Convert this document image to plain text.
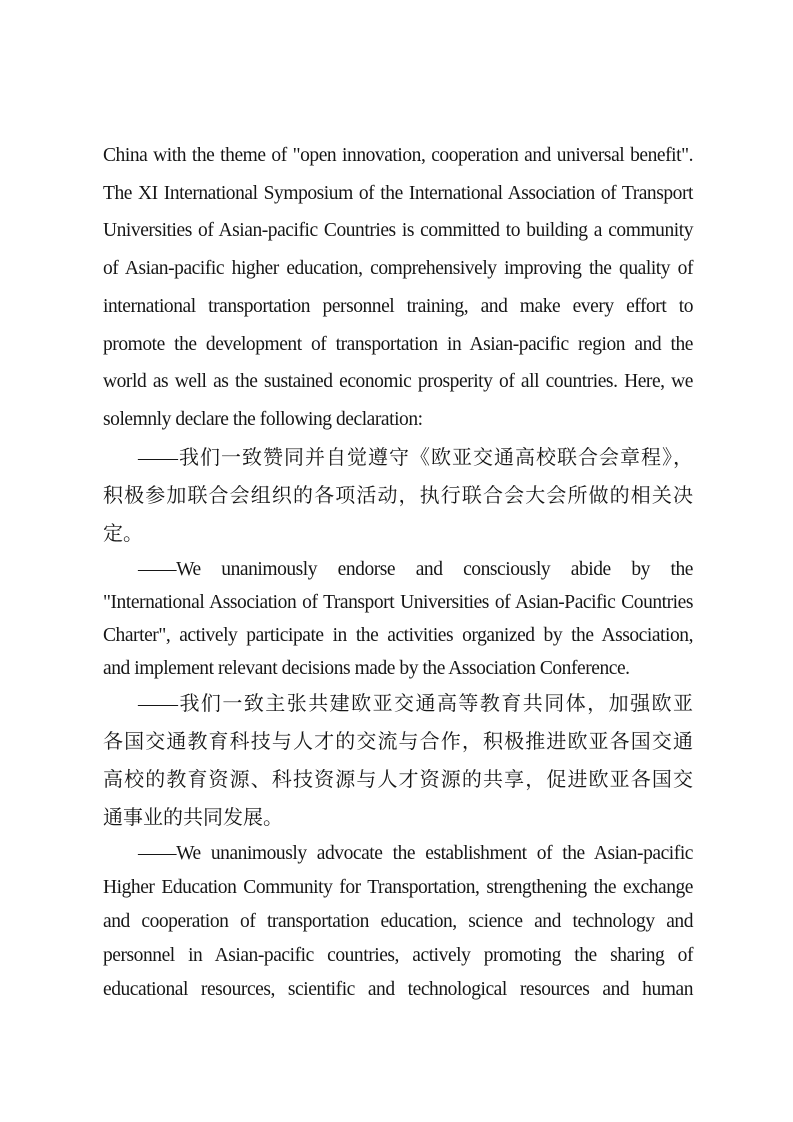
China with the theme of "open innovation, cooperation and universal benefit".
The XI International Symposium of the International Association of Transport
Universities of Asian-pacific Countries is committed to building a community
of Asian-pacific higher education, comprehensively improving the quality of
international transportation personnel training, and make every effort to
promote the development of transportation in Asian-pacific region and the
world as well as the sustained economic prosperity of all countries. Here, we
solemnly declare the following declaration:
——我们一致赞同并自觉遵守《欧亚交通高校联合会章程》，
积极参加联合会组织的各项活动，执行联合会大会所做的相关决
定。
——We unanimously endorse and consciously abide by the
"International Association of Transport Universities of Asian-Pacific Countries
Charter", actively participate in the activities organized by the Association,
and implement relevant decisions made by the Association Conference.
——我们一致主张共建欧亚交通高等教育共同体，加强欧亚
各国交通教育科技与人才的交流与合作，积极推进欧亚各国交通
高校的教育资源、科技资源与人才资源的共享，促进欧亚各国交
通事业的共同发展。
——We unanimously advocate the establishment of the Asian-pacific
Higher Education Community for Transportation, strengthening the exchange
and cooperation of transportation education, science and technology and
personnel in Asian-pacific countries, actively promoting the sharing of
educational resources, scientific and technological resources and human
